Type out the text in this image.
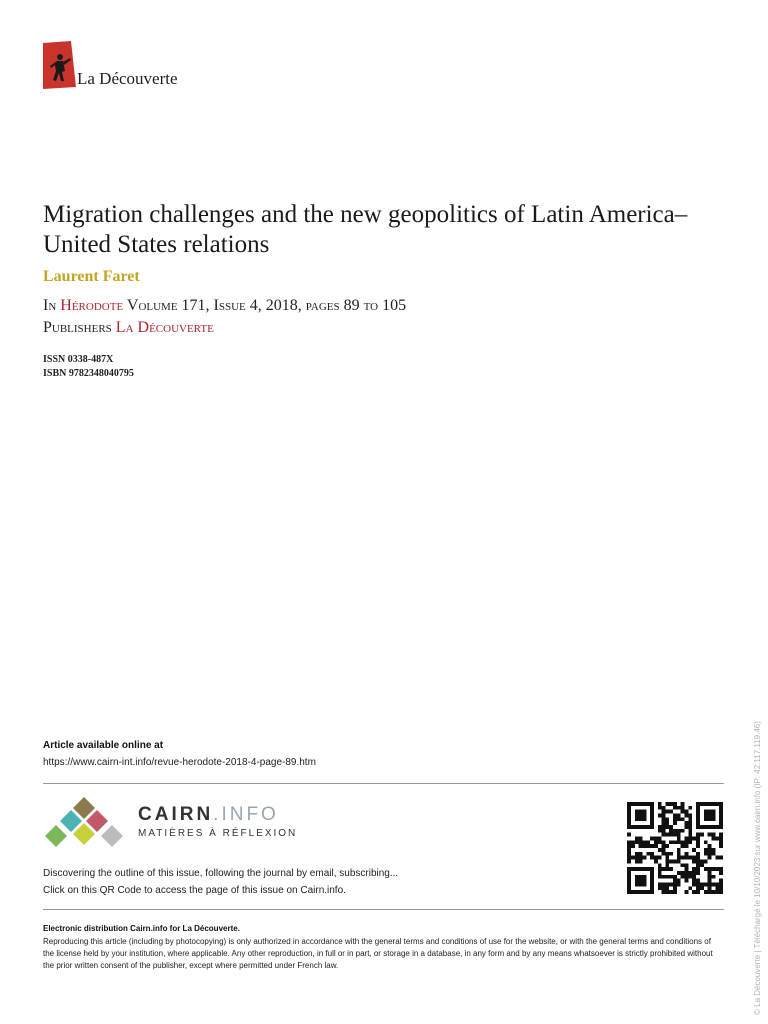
La Découverte
Migration challenges and the new geopolitics of Latin America–United States relations
Laurent Faret
In Hérodote Volume 171, Issue 4, 2018, pages 89 to 105
Publishers La Découverte
ISSN 0338-487X
ISBN 9782348040795
Article available online at
https://www.cairn-int.info/revue-herodote-2018-4-page-89.htm
CAIRN.INFO
MATIÈRES À RÉFLEXION
Discovering the outline of this issue, following the journal by email, subscribing...
Click on this QR Code to access the page of this issue on Cairn.info.
Electronic distribution Cairn.info for La Découverte.

Reproducing this article (including by photocopying) is only authorized in accordance with the general terms and conditions of use for the website, or with the general terms and conditions of the license held by your institution, where applicable. Any other reproduction, in full or in part, or storage in a database, in any form and by any means whatsoever is strictly prohibited without the prior written consent of the publisher, except where permitted under French law.	© La Découverte | Téléchargé le 10/10/2023 sur www.cairn.info (IP: 42.117.119.46)
